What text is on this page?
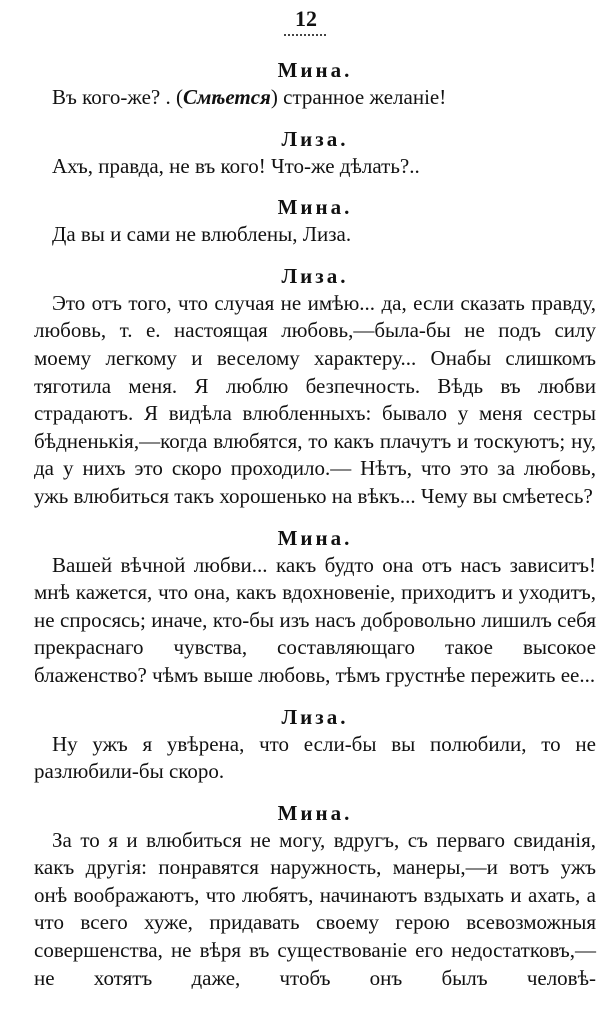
12

Мина.

Въ кого-же? . (Смѣется) странное желаніе!

Лиза.

Ахъ, правда, не въ кого! Что-же дѣлать?..

Мина.

Да вы и сами не влюблены, Лиза.

Лиза.

Это отъ того, что случая не имѣю... да, если сказать правду, любовь, т. е. настоящая любовь,—была-бы не подъ силу моему легкому и веселому характеру... Онабы слишкомъ тяготила меня. Я люблю безпечность. Вѣдь въ любви страдаютъ. Я видѣла влюбленныхъ: бывало у меня сестры бѣдненькія,—когда влюбятся, то какъ плачутъ и тоскуютъ; ну, да у нихъ это скоро проходило.— Нѣтъ, что это за любовь, ужь влюбиться такъ хорошенько на вѣкъ... Чему вы смѣетесь?

Мина.

Вашей вѣчной любви... какъ будто она отъ насъ зависитъ! мнѣ кажется, что она, какъ вдохновеніе, приходитъ и уходитъ, не спросясь; иначе, кто-бы изъ насъ добровольно лишилъ себя прекраснаго чувства, составляющаго такое высокое блаженство? чѣмъ выше любовь, тѣмъ грустнѣе пережить ее...

Лиза.

Ну ужъ я увѣрена, что если-бы вы полюбили, то не разлюбили-бы скоро.

Мина.

За то я и влюбиться не могу, вдругъ, съ перваго свиданія, какъ другія: понравятся наружность, манеры,—и вотъ ужъ онѣ воображаютъ, что любятъ, начинаютъ вздыхать и ахать, а что всего хуже, придавать своему герою всевозможныя совершенства, не вѣря въ существованіе его недостатковъ,—не хотятъ даже, чтобъ онъ былъ человѣ-
